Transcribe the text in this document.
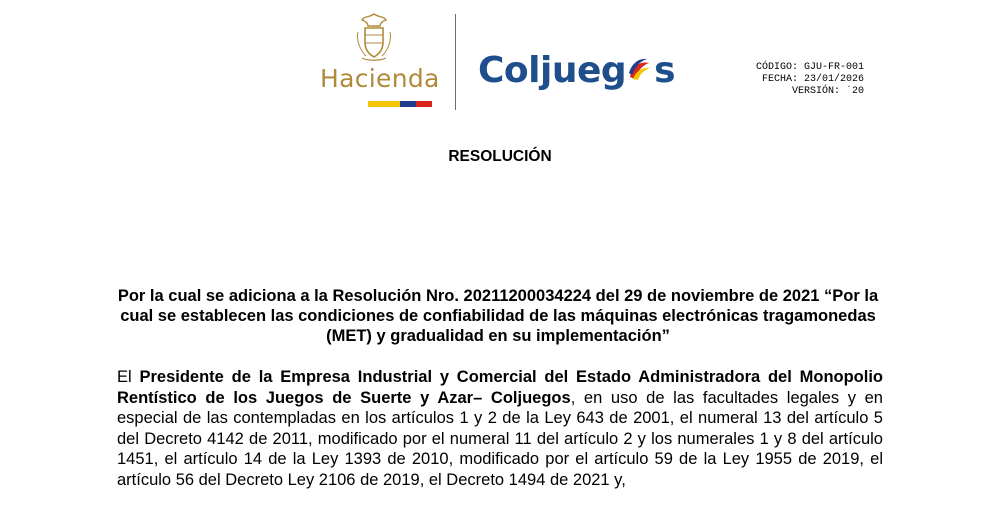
Hacienda Coljueg s	CÓDIGO: GJU-FR-001
FECHA: 23/01/2026
VERSIÓN: ´20
RESOLUCIÓN
Por la cual se adiciona a la Resolución Nro. 20211200034224 del 29 de noviembre de 2021 “Por la cual se establecen las condiciones de confiabilidad de las máquinas electrónicas tragamonedas (MET) y gradualidad en su implementación”
El Presidente de la Empresa Industrial y Comercial del Estado Administradora del Monopolio Rentístico de los Juegos de Suerte y Azar– Coljuegos, en uso de las facultades legales y en especial de las contempladas en los artículos 1 y 2 de la Ley 643 de 2001, el numeral 13 del artículo 5 del Decreto 4142 de 2011, modificado por el numeral 11 del artículo 2 y los numerales 1 y 8 del artículo 1451, el artículo 14 de la Ley 1393 de 2010, modificado por el artículo 59 de la Ley 1955 de 2019, el artículo 56 del Decreto Ley 2106 de 2019, el Decreto 1494 de 2021 y,
